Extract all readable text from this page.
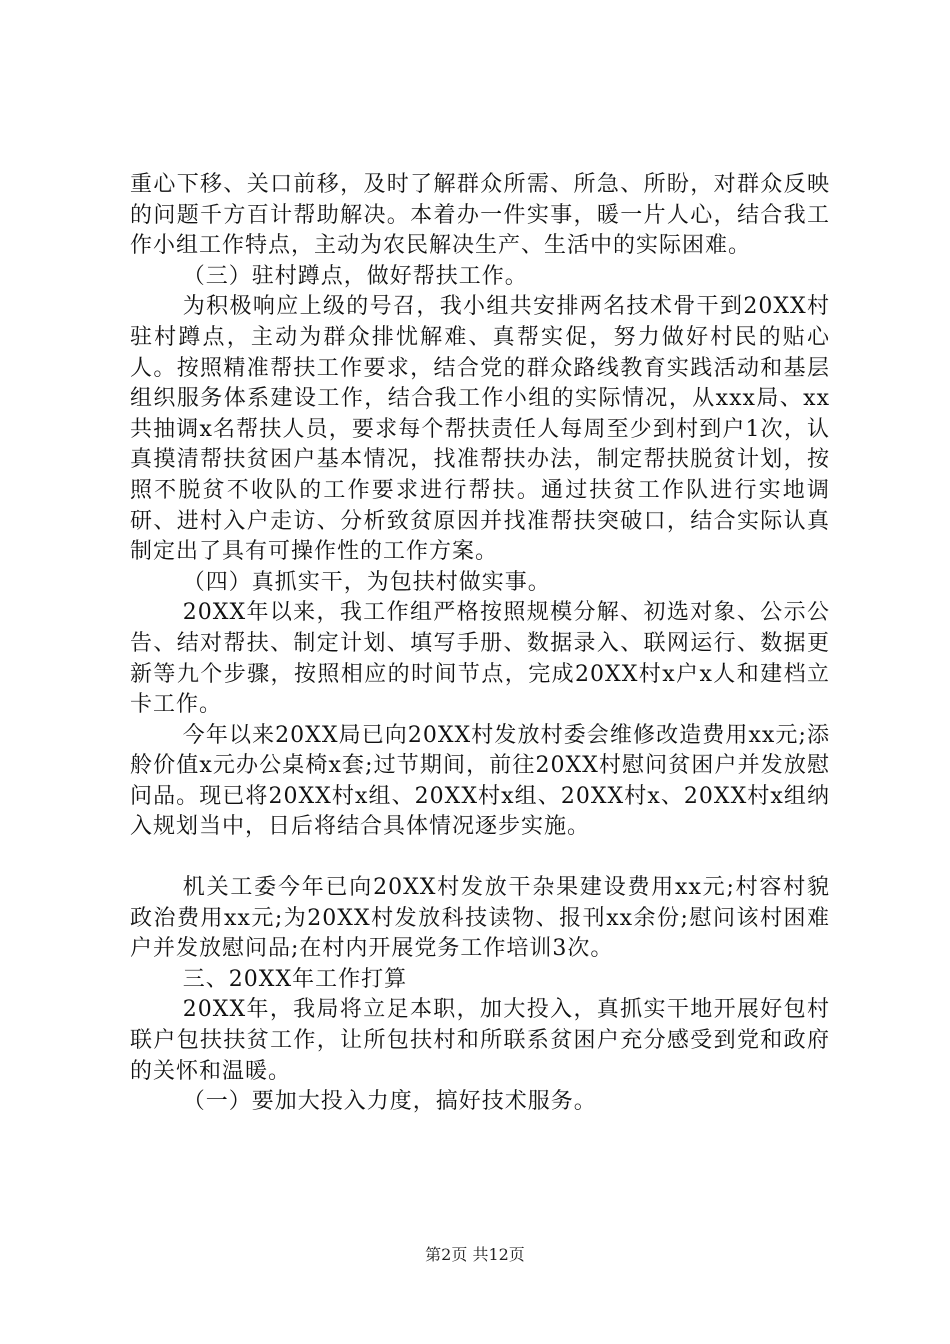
重心下移、关口前移，及时了解群众所需、所急、所盼，对群众反映的问题千方百计帮助解决。本着办一件实事，暖一片人心，结合我工作小组工作特点，主动为农民解决生产、生活中的实际困难。

（三）驻村蹲点，做好帮扶工作。

为积极响应上级的号召，我小组共安排两名技术骨干到20XX村驻村蹲点，主动为群众排忧解难、真帮实促，努力做好村民的贴心人。按照精准帮扶工作要求，结合党的群众路线教育实践活动和基层组织服务体系建设工作，结合我工作小组的实际情况，从xxx局、xx共抽调x名帮扶人员，要求每个帮扶责任人每周至少到村到户1次，认真摸清帮扶贫困户基本情况，找准帮扶办法，制定帮扶脱贫计划，按照不脱贫不收队的工作要求进行帮扶。通过扶贫工作队进行实地调研、进村入户走访、分析致贫原因并找准帮扶突破口，结合实际认真制定出了具有可操作性的工作方案。

（四）真抓实干，为包扶村做实事。

20XX年以来，我工作组严格按照规模分解、初选对象、公示公告、结对帮扶、制定计划、填写手册、数据录入、联网运行、数据更新等九个步骤，按照相应的时间节点，完成20XX村x户x人和建档立卡工作。

今年以来20XX局已向20XX村发放村委会维修改造费用xx元;添舲价值x元办公桌椅x套;过节期间，前往20XX村慰问贫困户并发放慰问品。现已将20XX村x组、20XX村x组、20XX村x、20XX村x组纳入规划当中，日后将结合具体情况逐步实施。

机关工委今年已向20XX村发放干杂果建设费用xx元;村容村貌政治费用xx元;为20XX村发放科技读物、报刊xx余份;慰问该村困难户并发放慰问品;在村内开展党务工作培训3次。

三、20XX年工作打算

20XX年，我局将立足本职，加大投入，真抓实干地开展好包村联户包扶扶贫工作，让所包扶村和所联系贫困户充分感受到党和政府的关怀和温暖。

（一）要加大投入力度，搞好技术服务。

第2页 共12页
